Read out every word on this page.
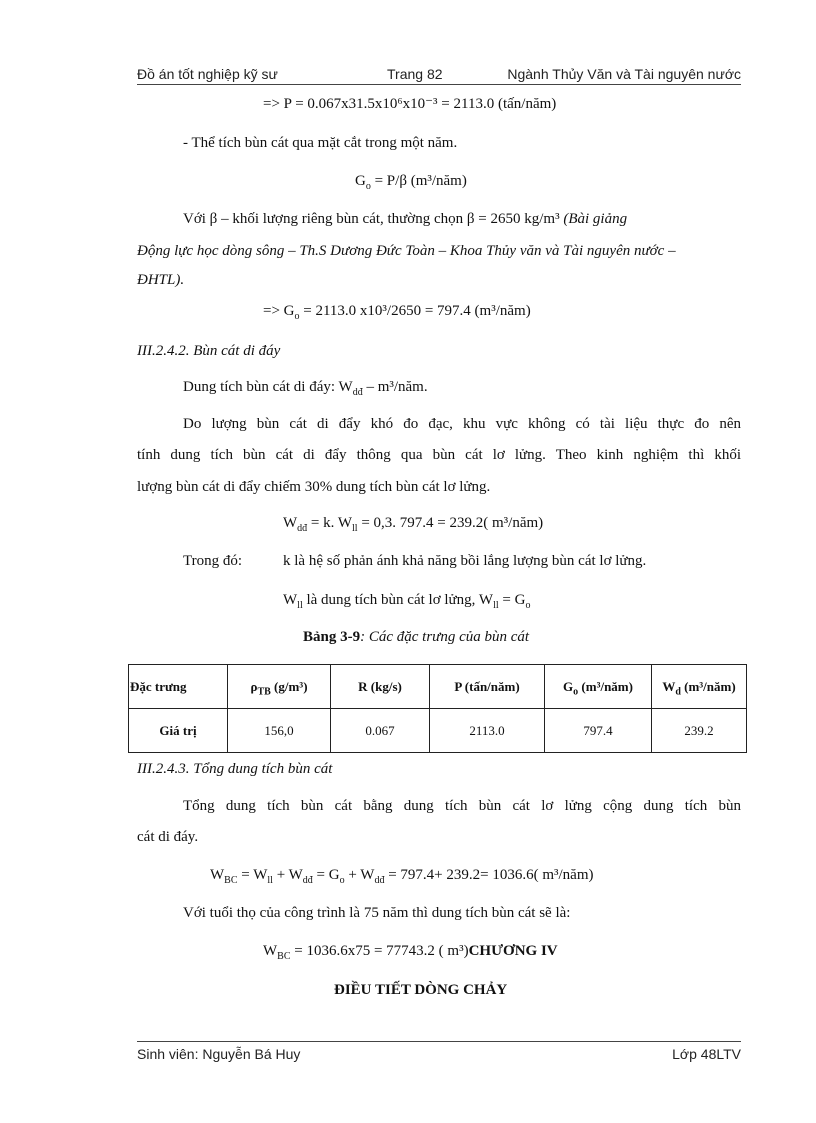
Đồ án tốt nghiệp kỹ sư	Trang 82	Ngành Thủy Văn và Tài nguyên nước
=> P = 0.067x31.5x10⁶x10⁻³ = 2113.0 (tấn/năm)
- Thể tích bùn cát qua mặt cắt trong một năm.
$G_o = P/\beta$ (m³/năm)
Với β – khối lượng riêng bùn cát, thường chọn β = 2650 kg/m³ (Bài giảng
Động lực học dòng sông – Th.S Dương Đức Toàn – Khoa Thủy văn và Tài nguyên nước –
ĐHTL).
=> $G_o = 2113.0$ x10³/2650 = 797.4 (m³/năm)
III.2.4.2. Bùn cát di đáy
Dung tích bùn cát di đáy: $W_{dđ}$ – m³/năm.
Do lượng bùn cát di đẩy khó đo đạc, khu vực không có tài liệu thực đo nên
tính dung tích bùn cát di đẩy thông qua bùn cát lơ lửng. Theo kinh nghiệm thì khối
lượng bùn cát di đẩy chiếm 30% dung tích bùn cát lơ lửng.
$W_{dđ} = k$. $W_{ll} = 0,3$. 797.4 = 239.2( m³/năm)
Trong đó:	k là hệ số phản ánh khả năng bồi lắng lượng bùn cát lơ lửng.
$W_{ll}$ là dung tích bùn cát lơ lửng, $W_{ll} = G_o$
Bảng 3-9: Các đặc trưng của bùn cát
Đặc trưng	$\rho_{TB}$ (g/m³)	R (kg/s)	P (tấn/năm)	$G_o$ (m³/năm)	$W_d$ (m³/năm)
Giá trị	156,0	0.067	2113.0	797.4	239.2
III.2.4.3. Tổng dung tích bùn cát
Tổng dung tích bùn cát bằng dung tích bùn cát lơ lửng cộng dung tích bùn
cát di đáy.
$W_{BC} = W_{ll} + W_{dđ} = G_o + W_{dđ} = 797.4+ 239.2= 1036.6$( m³/năm)
Với tuổi thọ của công trình là 75 năm thì dung tích bùn cát sẽ là:
$W_{BC} = 1036.6x75 = 77743.2$ ( m³)CHƯƠNG IV
ĐIỀU TIẾT DÒNG CHẢY
Sinh viên: Nguyễn Bá Huy	Lớp 48LTV
